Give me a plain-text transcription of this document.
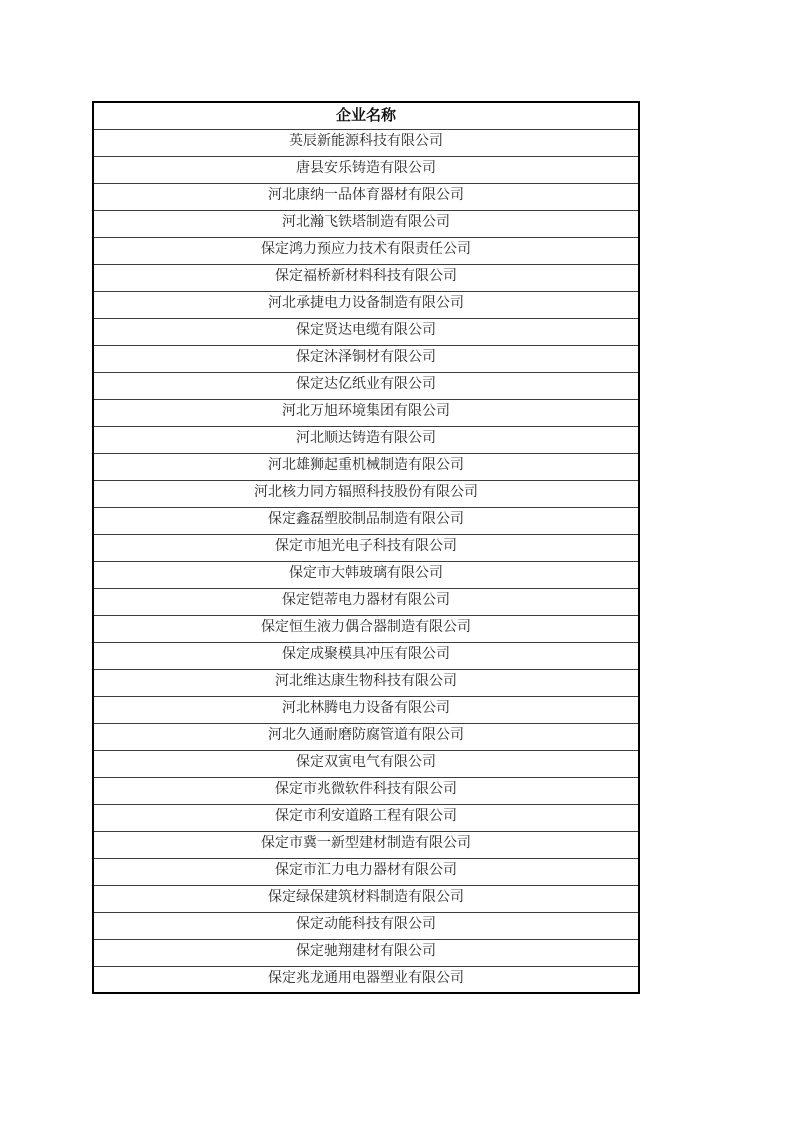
企业名称
英辰新能源科技有限公司
唐县安乐铸造有限公司
河北康纳一品体育器材有限公司
河北瀚飞铁塔制造有限公司
保定鸿力预应力技术有限责任公司
保定福桥新材料科技有限公司
河北承捷电力设备制造有限公司
保定贤达电缆有限公司
保定沐泽铜材有限公司
保定达亿纸业有限公司
河北万旭环境集团有限公司
河北顺达铸造有限公司
河北雄狮起重机械制造有限公司
河北核力同方辐照科技股份有限公司
保定鑫磊塑胶制品制造有限公司
保定市旭光电子科技有限公司
保定市大韩玻璃有限公司
保定铠蒂电力器材有限公司
保定恒生液力偶合器制造有限公司
保定成聚模具冲压有限公司
河北维达康生物科技有限公司
河北林腾电力设备有限公司
河北久通耐磨防腐管道有限公司
保定双寅电气有限公司
保定市兆微软件科技有限公司
保定市利安道路工程有限公司
保定市冀一新型建材制造有限公司
保定市汇力电力器材有限公司
保定绿保建筑材料制造有限公司
保定动能科技有限公司
保定驰翔建材有限公司
保定兆龙通用电器塑业有限公司
